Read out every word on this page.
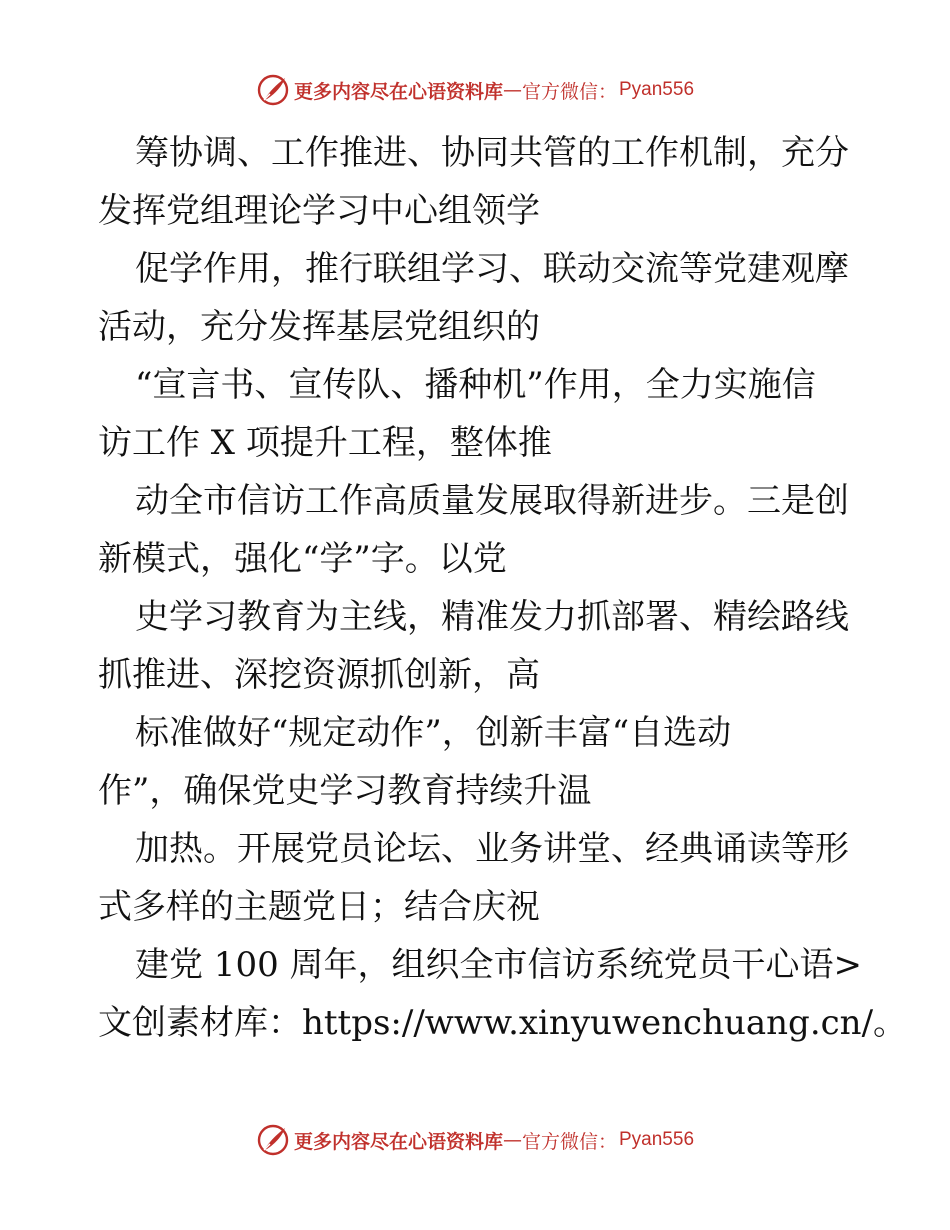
更多内容尽在心语资料库 — 官方微信： Pyan556
筹协调、工作推进、协同共管的工作机制，充分
发挥党组理论学习中心组领学
促学作用，推行联组学习、联动交流等党建观摩
活动，充分发挥基层党组织的
“宣言书、宣传队、播种机”作用，全力实施信
访工作 X 项提升工程，整体推
动全市信访工作高质量发展取得新进步。三是创
新模式，强化“学”字。以党
史学习教育为主线，精准发力抓部署、精绘路线
抓推进、深挖资源抓创新，高
标准做好“规定动作”，创新丰富“自选动
作”，确保党史学习教育持续升温
加热。开展党员论坛、业务讲堂、经典诵读等形
式多样的主题党日；结合庆祝
建党 100 周年，组织全市信访系统党员干心语>
文创素材库：https://www.xinyuwenchuang.cn/。
更多内容尽在心语资料库 — 官方微信： Pyan556
